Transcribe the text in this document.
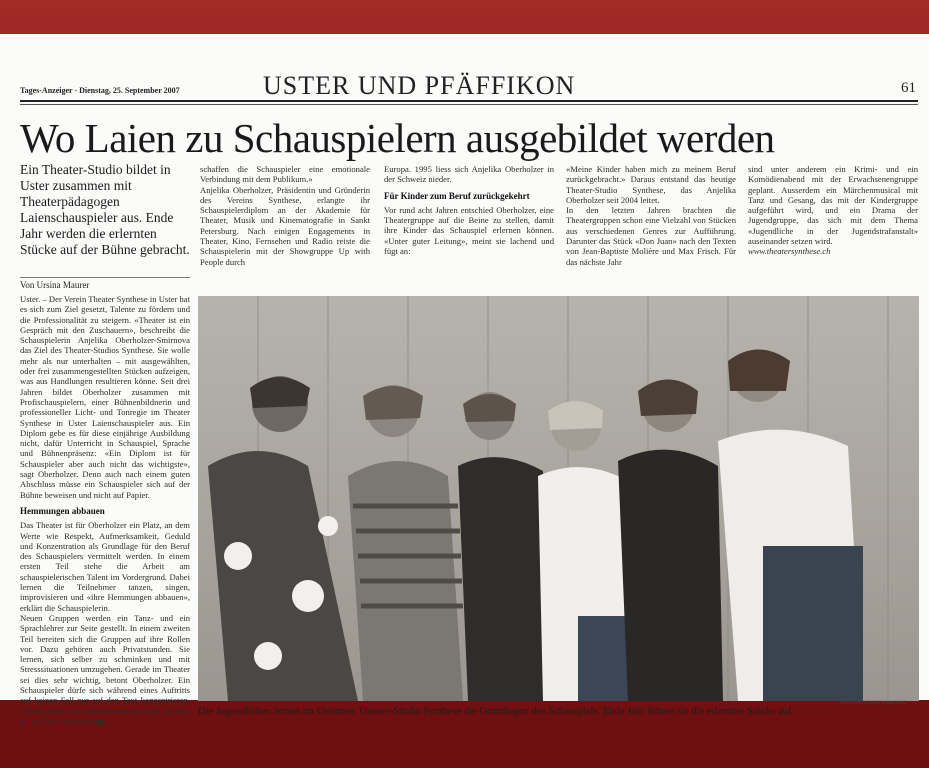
Tages-Anzeiger · Dienstag, 25. September 2007	USTER UND PFÄFFIKON	61
Wo Laien zu Schauspielern ausgebildet werden
Ein Theater-Studio bildet in Uster zusammen mit Theaterpädagogen Laienschauspieler aus. Ende Jahr werden die erlernten Stücke auf der Bühne gebracht.
Von Ursina Maurer

Uster. – Der Verein Theater Synthese in Uster hat es sich zum Ziel gesetzt, Talente zu fördern und die Professionalität zu steigern. «Theater ist ein Gespräch mit den Zuschauern», beschreibt die Schauspielerin Anjelika Oberholzer-Smirnova das Ziel des Theater-Studios Synthese. Sie wolle mehr als nur unterhalten – mit ausgewählten, oder frei zusammengestellten Stücken aufzeigen, was aus Handlungen resultieren könne. Seit drei Jahren bildet Oberholzer zusammen mit Profischauspielern, einer Bühnenbildnerin und professioneller Licht- und Tonregie im Theater Synthese in Uster Laienschauspieler aus. Ein Diplom gebe es für diese einjährige Ausbildung nicht, dafür Unterricht in Schauspiel, Sprache und Bühnenpräsenz: «Ein Diplom ist für Schauspieler aber auch nicht das wichtigste», sagt Oberholzer. Denn auch nach einem guten Abschluss müsse ein Schauspieler sich auf der Bühne beweisen und nicht auf Papier.

Hemmungen abbauen

Das Theater ist für Oberholzer ein Platz, an dem Werte wie Respekt, Aufmerksamkeit, Geduld und Konzentration als Grundlage für den Beruf des Schauspielers vermittelt werden. In einem ersten Teil stehe die Arbeit am schauspielerischen Talent im Vordergrund. Dabei lernen die Teilnehmer tanzen, singen, improvisieren und «ihre Hemmungen abbauen», erklärt die Schauspielerin.

Neuen Gruppen werden ein Tanz- und ein Sprachlehrer zur Seite gestellt. In einem zweiten Teil bereiten sich die Gruppen auf ihre Rollen vor. Dazu gehören auch Privatstunden. Sie lernen, sich selber zu schminken und mit Stresssituationen umzugehen. Gerade im Theater sei dies sehr wichtig, betont Oberholzer. Ein Schauspieler dürfe sich während eines Auftritts auf keinen Fall nur auf den Text konzentrieren. «Vieles findet im Unterbewusstsein statt. In einer guten Theatervorführung

schaffen die Schauspieler eine emotionale Verbindung mit dem Publikum.»

Anjelika Oberholzer, Präsidentin und Gründerin des Vereins Synthese, erlangte ihr Schauspielerdiplom an der Akademie für Theater, Musik und Kinematografie in Sankt Petersburg. Nach einigen Engagements in Theater, Kino, Fernsehen und Radio reiste die Schauspielerin mit der Showgruppe Up with People durch

Europa. 1995 liess sich Anjelika Oberholzer in der Schweiz nieder.

Für Kinder zum Beruf zurückgekehrt

Vor rund acht Jahren entschied Oberholzer, eine Theatergruppe auf die Beine zu stellen, damit ihre Kinder das Schauspiel erlernen können. «Unter guter Leitung», meint sie lachend und fügt an:

«Meine Kinder haben mich zu meinem Beruf zurückgebracht.» Daraus entstand das heutige Theater-Studio Synthese, das Anjelika Oberholzer seit 2004 leitet.

In den letzten Jahren brachten die Theatergruppen schon eine Vielzahl von Stücken aus verschiedenen Genres zur Aufführung. Darunter das Stück «Don Juan» nach den Texten von Jean-Baptiste Molière und Max Frisch. Für das nächste Jahr

sind unter anderem ein Krimi- und ein Komödienabend mit der Erwachsenengruppe geplant. Ausserdem ein Märchenmusical mit Tanz und Gesang, das mit der Kindergruppe aufgeführt wird, und ein Drama der Jugendgruppe, das sich mit dem Thema «Jugendliche in der Jugendstrafanstalt» auseinander setzen wird.

www.theatersynthese.ch

BILD CHRISTOPH KAMINSKI
Die Jugendlichen lernen im Ustermer Theater-Studio Synthese die Grundlagen des Schauspiels. Ende Jahr führen sie die erlernten Stücke auf.
